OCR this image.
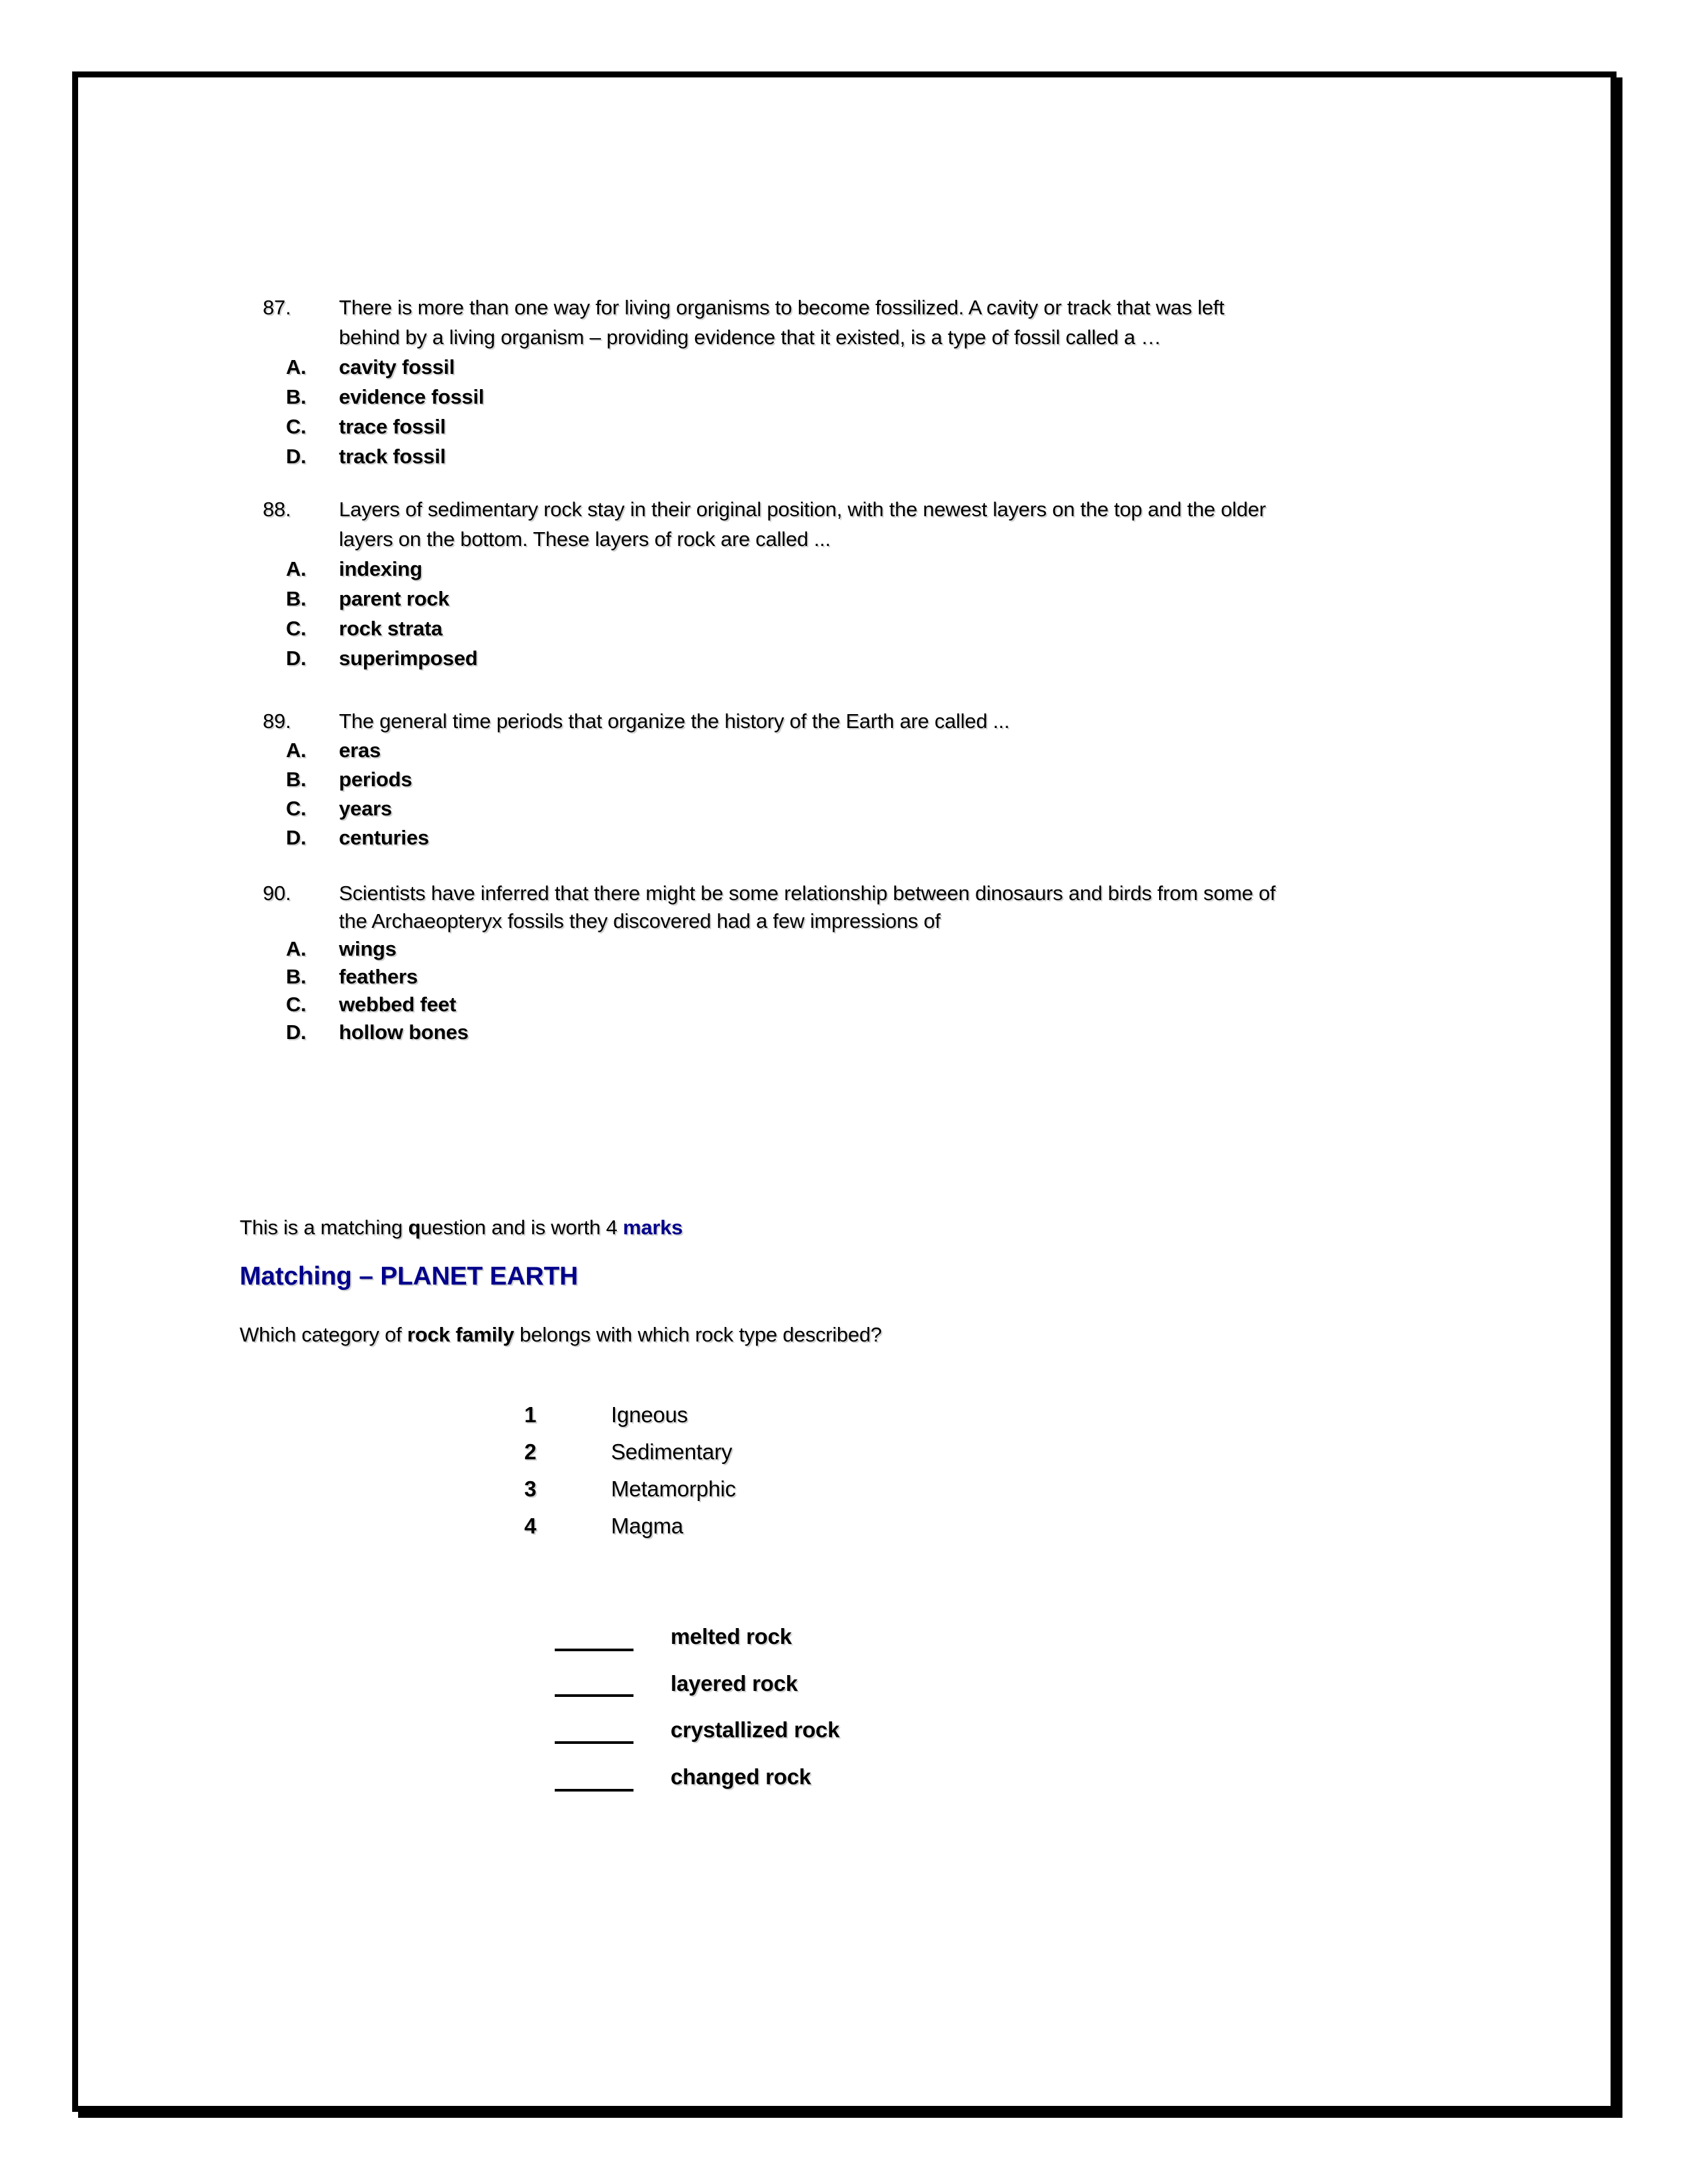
87. There is more than one way for living organisms to become fossilized. A cavity or track that was left
behind by a living organism – providing evidence that it existed, is a type of fossil called a …
A. cavity fossil
B. evidence fossil
C. trace fossil
D. track fossil
88. Layers of sedimentary rock stay in their original position, with the newest layers on the top and the older
layers on the bottom. These layers of rock are called ...
A. indexing
B. parent rock
C. rock strata
D. superimposed
89. The general time periods that organize the history of the Earth are called ...
A. eras
B. periods
C. years
D. centuries
90. Scientists have inferred that there might be some relationship between dinosaurs and birds from some of
the Archaeopteryx fossils they discovered had a few impressions of
A. wings
B. feathers
C. webbed feet
D. hollow bones
This is a matching question and is worth 4 marks
Matching – PLANET EARTH
Which category of rock family belongs with which rock type described?
1	Igneous
2	Sedimentary
3	Metamorphic
4	Magma
melted rock
layered rock
crystallized rock
changed rock
